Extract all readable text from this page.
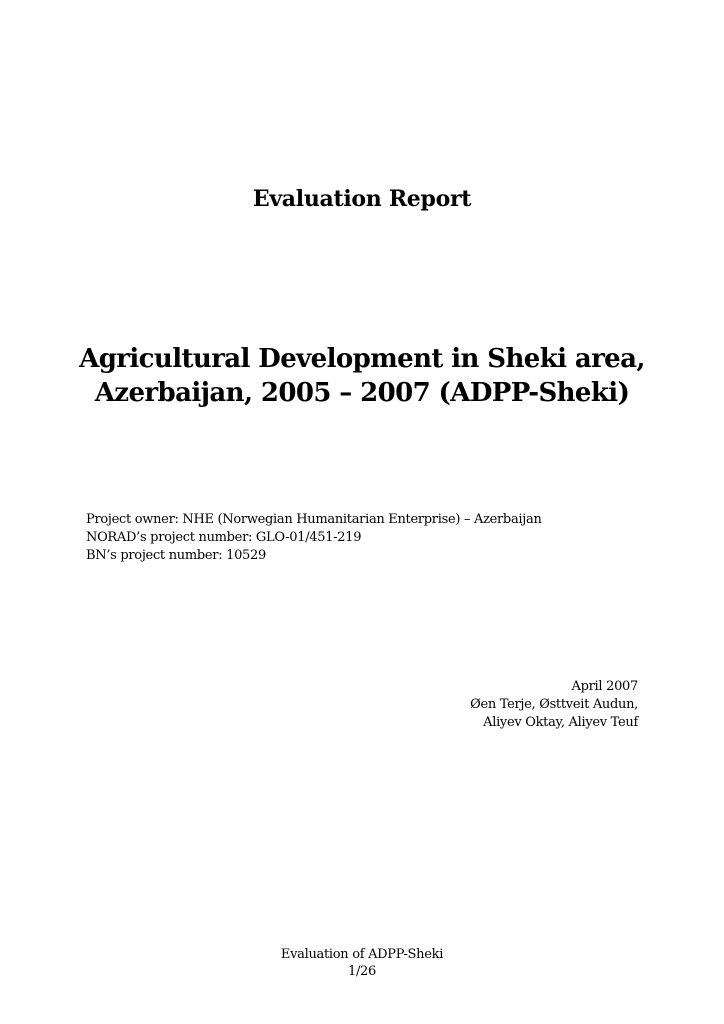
Evaluation Report
Agricultural Development in Sheki area,
Azerbaijan, 2005 – 2007 (ADPP-Sheki)
Project owner: NHE (Norwegian Humanitarian Enterprise) – Azerbaijan
NORAD’s project number: GLO-01/451-219
BN’s project number: 10529
April 2007
Øen Terje, Østtveit Audun,
Aliyev Oktay, Aliyev Teuf
Evaluation of ADPP-Sheki
1/26
